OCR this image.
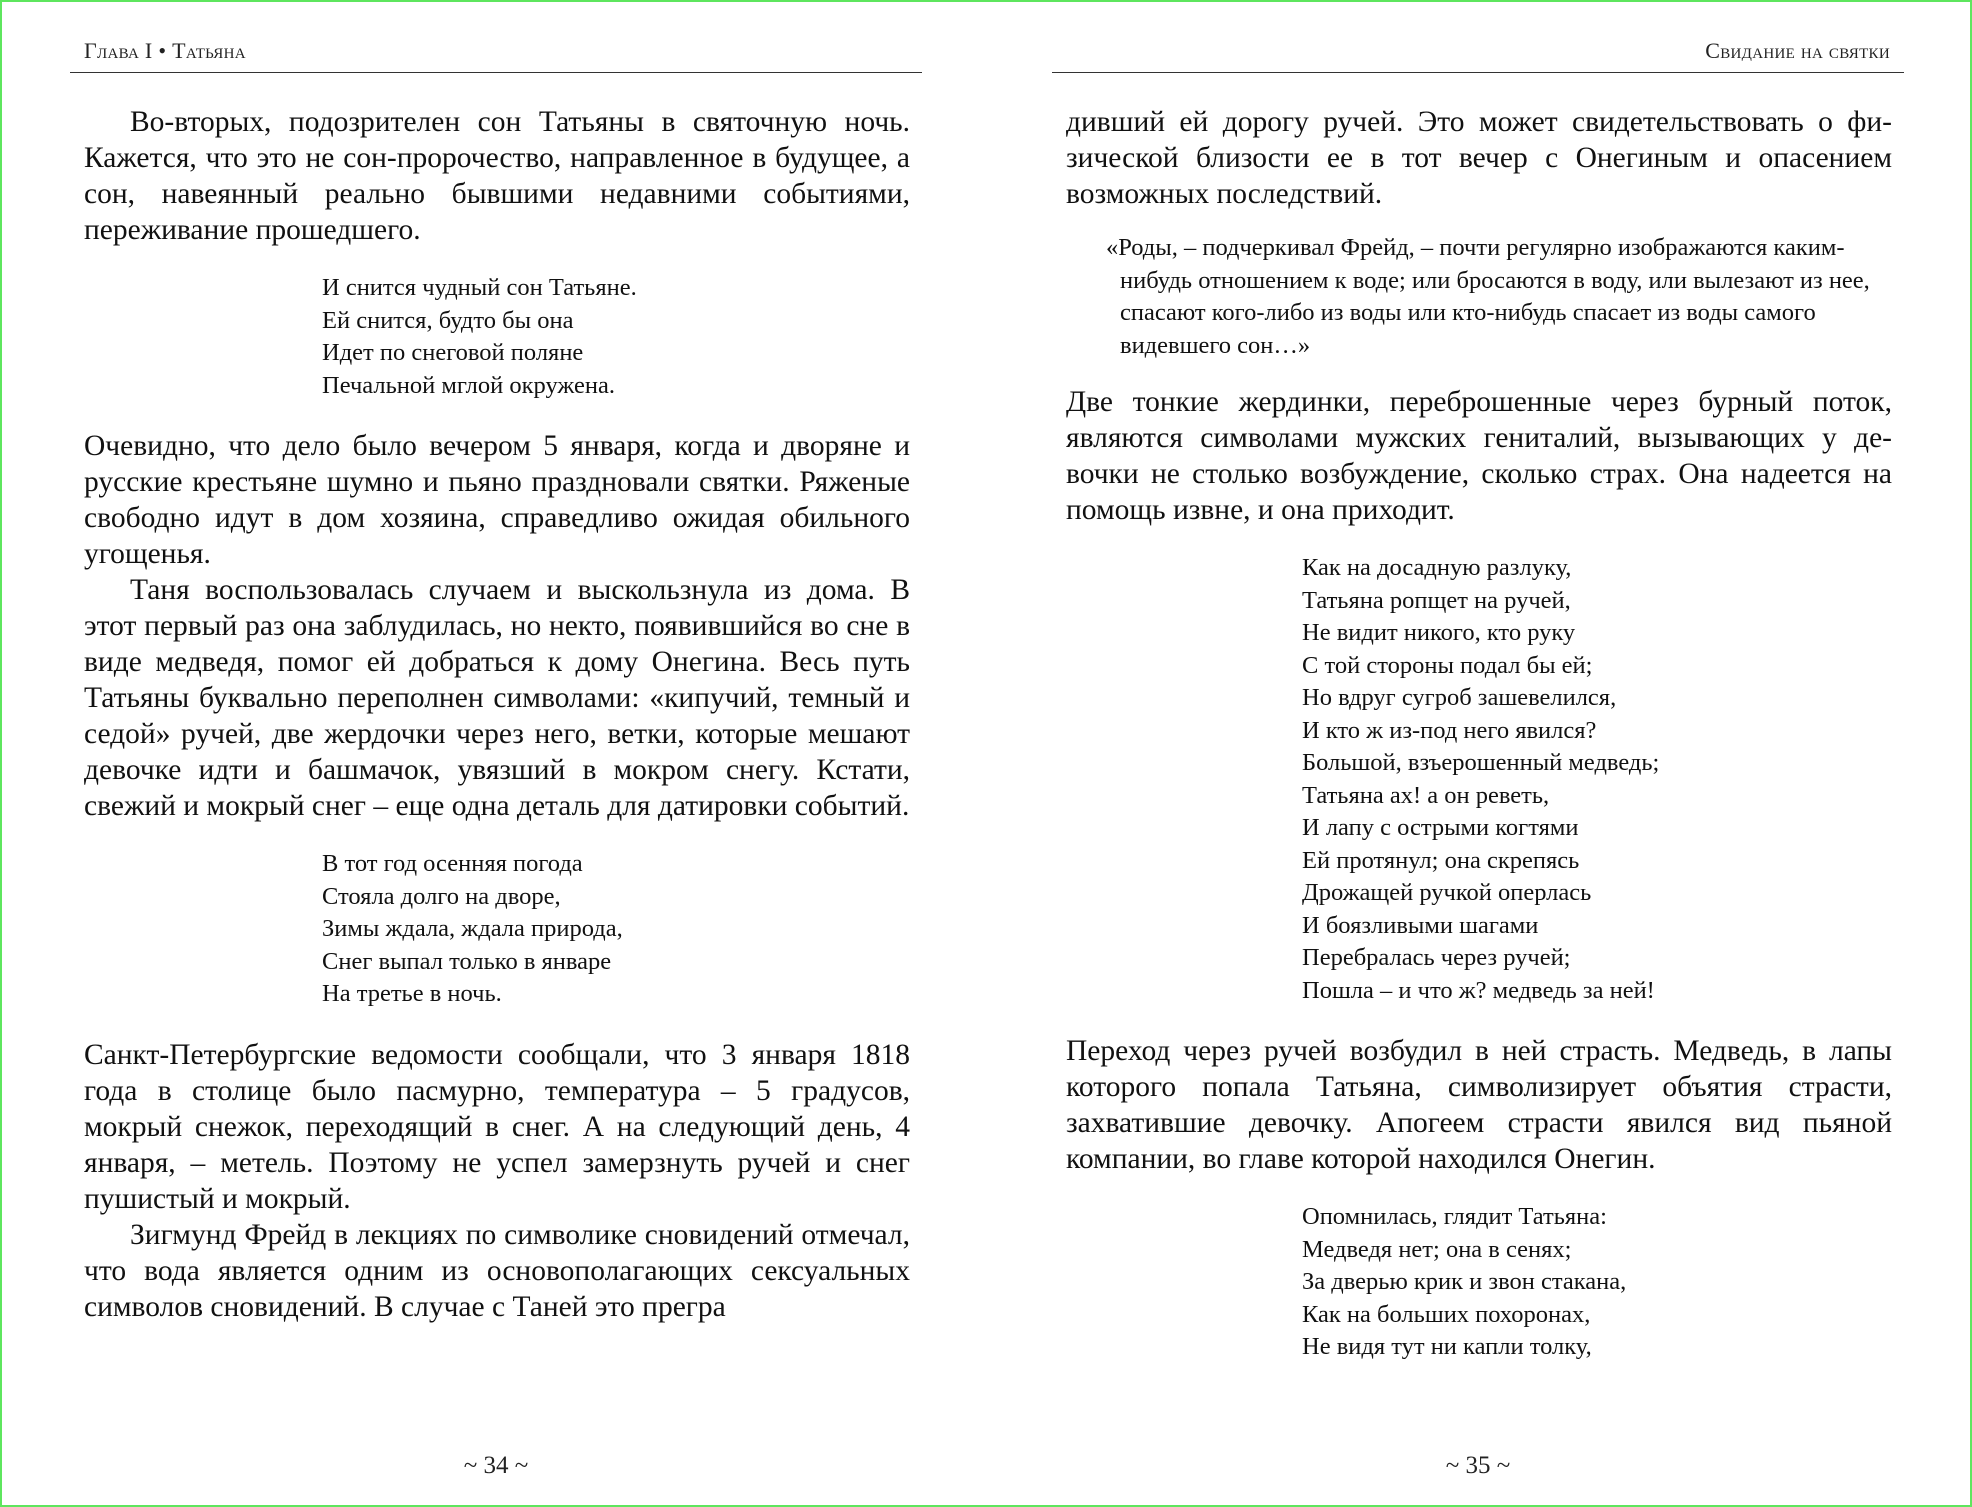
Глава I • Татьяна

Во-вторых, подозрителен сон Татьяны в святочную ночь. Кажется, что это не сон-пророчество, направленное в будущее, а сон, навеянный реально бывшими недавними событиями, переживание прошедшего.

И снится чудный сон Татьяне.
Ей снится, будто бы она
Идет по снеговой поляне
Печальной мглой окружена.

Очевидно, что дело было вечером 5 января, когда и дворяне и русские крестьяне шумно и пьяно праздновали святки. Ряженые свободно идут в дом хозяина, справедливо ожидая обильного угощенья.

Таня воспользовалась случаем и выскользнула из дома. В этот первый раз она заблудилась, но некто, появившийся во сне в виде медведя, помог ей добраться к дому Онегина. Весь путь Татьяны буквально переполнен символами: «кипучий, темный и седой» ручей, две жердочки через него, ветки, которые мешают девочке идти и башмачок, увязший в мокром снегу. Кстати, свежий и мокрый снег – еще одна деталь для датировки событий.

В тот год осенняя погода
Стояла долго на дворе,
Зимы ждала, ждала природа,
Снег выпал только в январе
На третье в ночь.

Санкт-Петербургские ведомости сообщали, что 3 января 1818 года в столице было пасмурно, температура – 5 градусов, мокрый снежок, переходящий в снег. А на следующий день, 4 января, – метель. Поэтому не успел замерзнуть ручей и снег пушистый и мокрый.

Зигмунд Фрейд в лекциях по символике сновидений отмечал, что вода является одним из основополагающих сексуальных символов сновидений. В случае с Таней это прегра

~ 34 ~
Свидание на святки

дивший ей дорогу ручей. Это может свидетельствовать о физической близости ее в тот вечер с Онегиным и опасением возможных последствий.

«Роды, – подчеркивал Фрейд, – почти регулярно изображаются каким-нибудь отношением к воде; или бросаются в воду, или вылезают из нее, спасают кого-либо из воды или кто-нибудь спасает из воды самого видевшего сон…»

Две тонкие жердинки, переброшенные через бурный поток, являются символами мужских гениталий, вызывающих у девочки не столько возбуждение, сколько страх. Она надеется на помощь извне, и она приходит.

Как на досадную разлуку,
Татьяна ропщет на ручей,
Не видит никого, кто руку
С той стороны подал бы ей;
Но вдруг сугроб зашевелился,
И кто ж из-под него явился?
Большой, взъерошенный медведь;
Татьяна ах! а он реветь,
И лапу с острыми когтями
Ей протянул; она скрепясь
Дрожащей ручкой оперлась
И боязливыми шагами
Перебралась через ручей;
Пошла – и что ж? медведь за ней!

Переход через ручей возбудил в ней страсть. Медведь, в лапы которого попала Татьяна, символизирует объятия страсти, захватившие девочку. Апогеем страсти явился вид пьяной компании, во главе которой находился Онегин.

Опомнилась, глядит Татьяна:
Медведя нет; она в сенях;
За дверью крик и звон стакана,
Как на больших похоронах,
Не видя тут ни капли толку,
~ 35 ~
